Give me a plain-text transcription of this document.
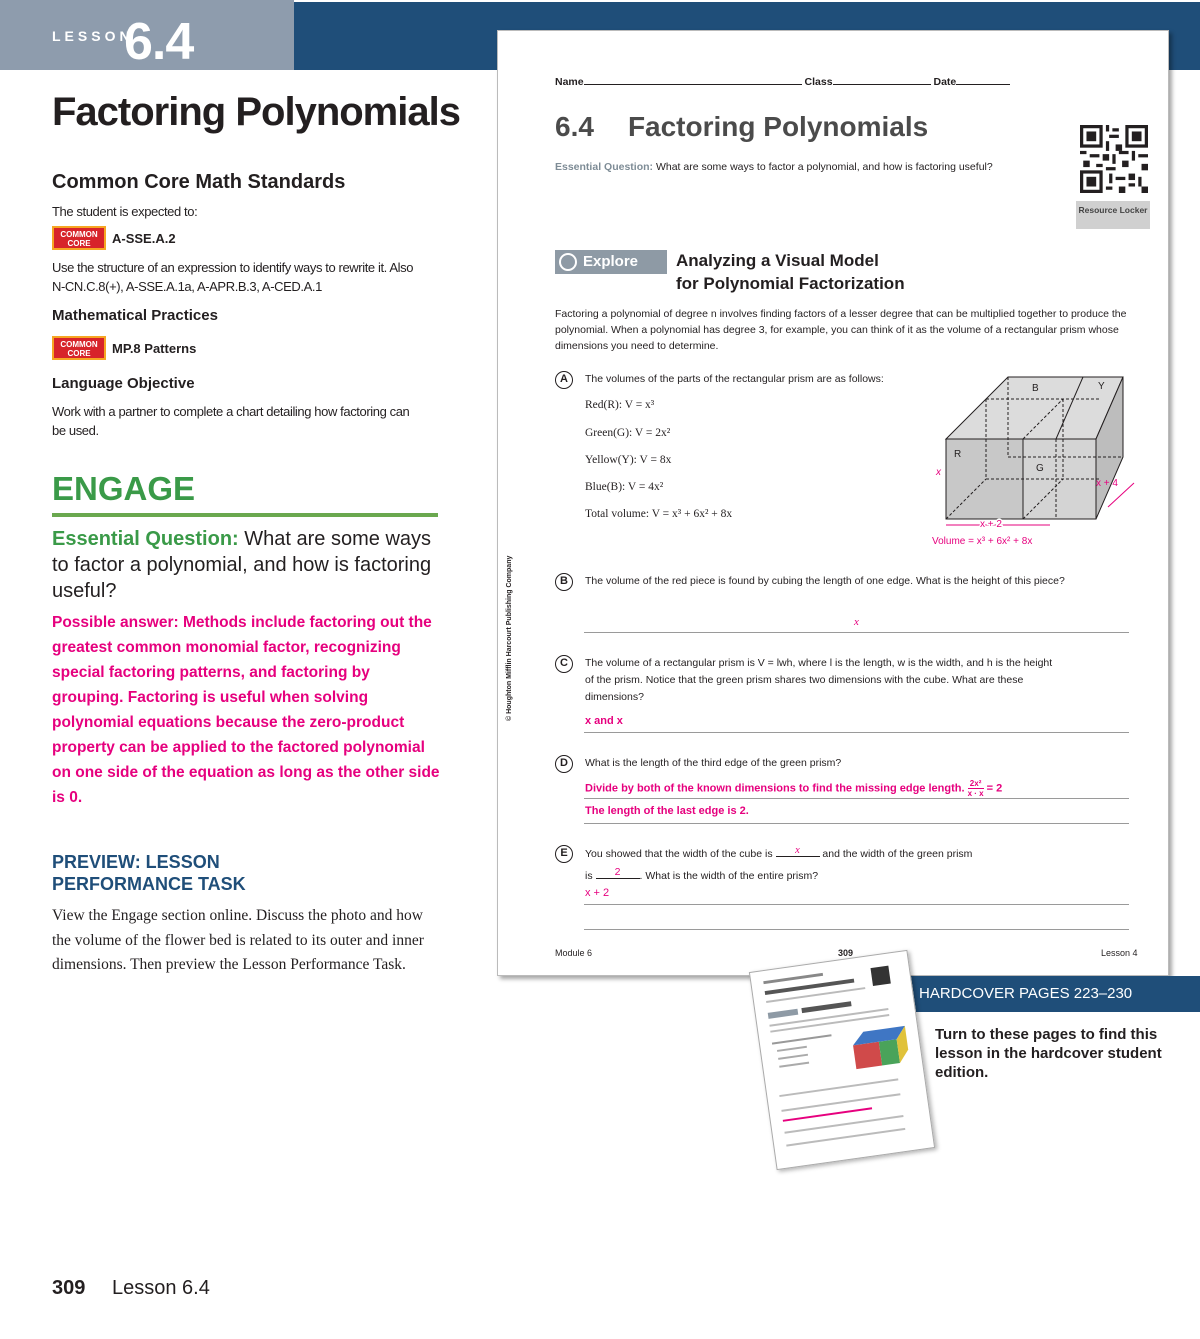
LESSON
6.4
Factoring Polynomials
Common Core Math Standards
The student is expected to:
COMMON CORE A-SSE.A.2
Use the structure of an expression to identify ways to rewrite it. Also N-CN.C.8(+), A-SSE.A.1a, A-APR.B.3, A-CED.A.1
Mathematical Practices
COMMON CORE MP.8 Patterns
Language Objective
Work with a partner to complete a chart detailing how factoring can be used.
ENGAGE
Essential Question: What are some ways to factor a polynomial, and how is factoring useful?
Possible answer: Methods include factoring out the greatest common monomial factor, recognizing special factoring patterns, and factoring by grouping. Factoring is useful when solving polynomial equations because the zero-product property can be applied to the factored polynomial on one side of the equation as long as the other side is 0.
PREVIEW: LESSON
PERFORMANCE TASK
View the Engage section online. Discuss the photo and how the volume of the flower bed is related to its outer and inner dimensions. Then preview the Lesson Performance Task.
309 Lesson 6.4
Name	Class	Date
6.4 Factoring Polynomials
Essential Question: What are some ways to factor a polynomial, and how is factoring useful?
Resource Locker
Explore	Analyzing a Visual Model
for Polynomial Factorization
Factoring a polynomial of degree n involves finding factors of a lesser degree that can be multiplied together to produce the polynomial. When a polynomial has degree 3, for example, you can think of it as the volume of a rectangular prism whose dimensions you need to determine.
A	The volumes of the parts of the rectangular prism are as follows:
Red(R): V = x³
Green(G): V = 2x²
Yellow(Y): V = 8x
Blue(B): V = 4x²
Total volume: V = x³ + 6x² + 8x
B	Y
R
G
x
x + 4
x + 2
Volume = x³ + 6x² + 8x
B	The volume of the red piece is found by cubing the length of one edge. What is the height of this piece?
x
C	The volume of a rectangular prism is V = lwh, where l is the length, w is the width, and h is the height of the prism. Notice that the green prism shares two dimensions with the cube. What are these dimensions?
x and x
D	What is the length of the third edge of the green prism?
Divide by both of the known dimensions to find the missing edge length. $\frac{\text{2x²}}{x \cdot x} = 2$
The length of the last edge is 2.
E	You showed that the width of the cube is x and the width of the green prism
is 2 . What is the width of the entire prism?
x + 2
© Houghton Mifflin Harcourt Publishing Company
Module 6	309	Lesson 4
HARDCOVER PAGES 223–230
Turn to these pages to find this lesson in the hardcover student edition.
